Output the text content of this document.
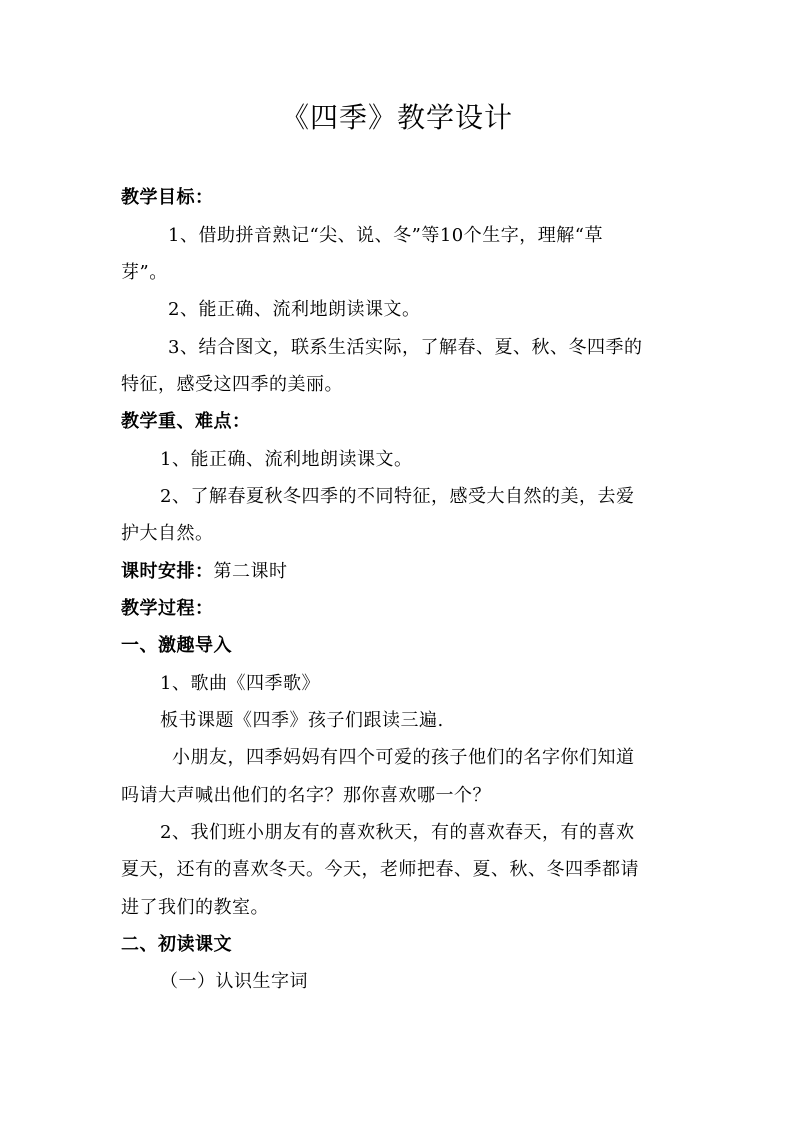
《四季》教学设计
教学目标：
1、借助拼音熟记“尖、说、冬”等10个生字，理解“草
芽”。
2、能正确、流利地朗读课文。
3、结合图文，联系生活实际，了解春、夏、秋、冬四季的
特征，感受这四季的美丽。
教学重、难点：
1、能正确、流利地朗读课文。
2、了解春夏秋冬四季的不同特征，感受大自然的美，去爱
护大自然。
课时安排：第二课时
教学过程：
一、激趣导入
1、歌曲《四季歌》
板书课题《四季》孩子们跟读三遍.
小朋友，四季妈妈有四个可爱的孩子他们的名字你们知道
吗请大声喊出他们的名字？那你喜欢哪一个？
2、我们班小朋友有的喜欢秋天，有的喜欢春天，有的喜欢
夏天，还有的喜欢冬天。今天，老师把春、夏、秋、冬四季都请
进了我们的教室。
二、初读课文
（一）认识生字词
